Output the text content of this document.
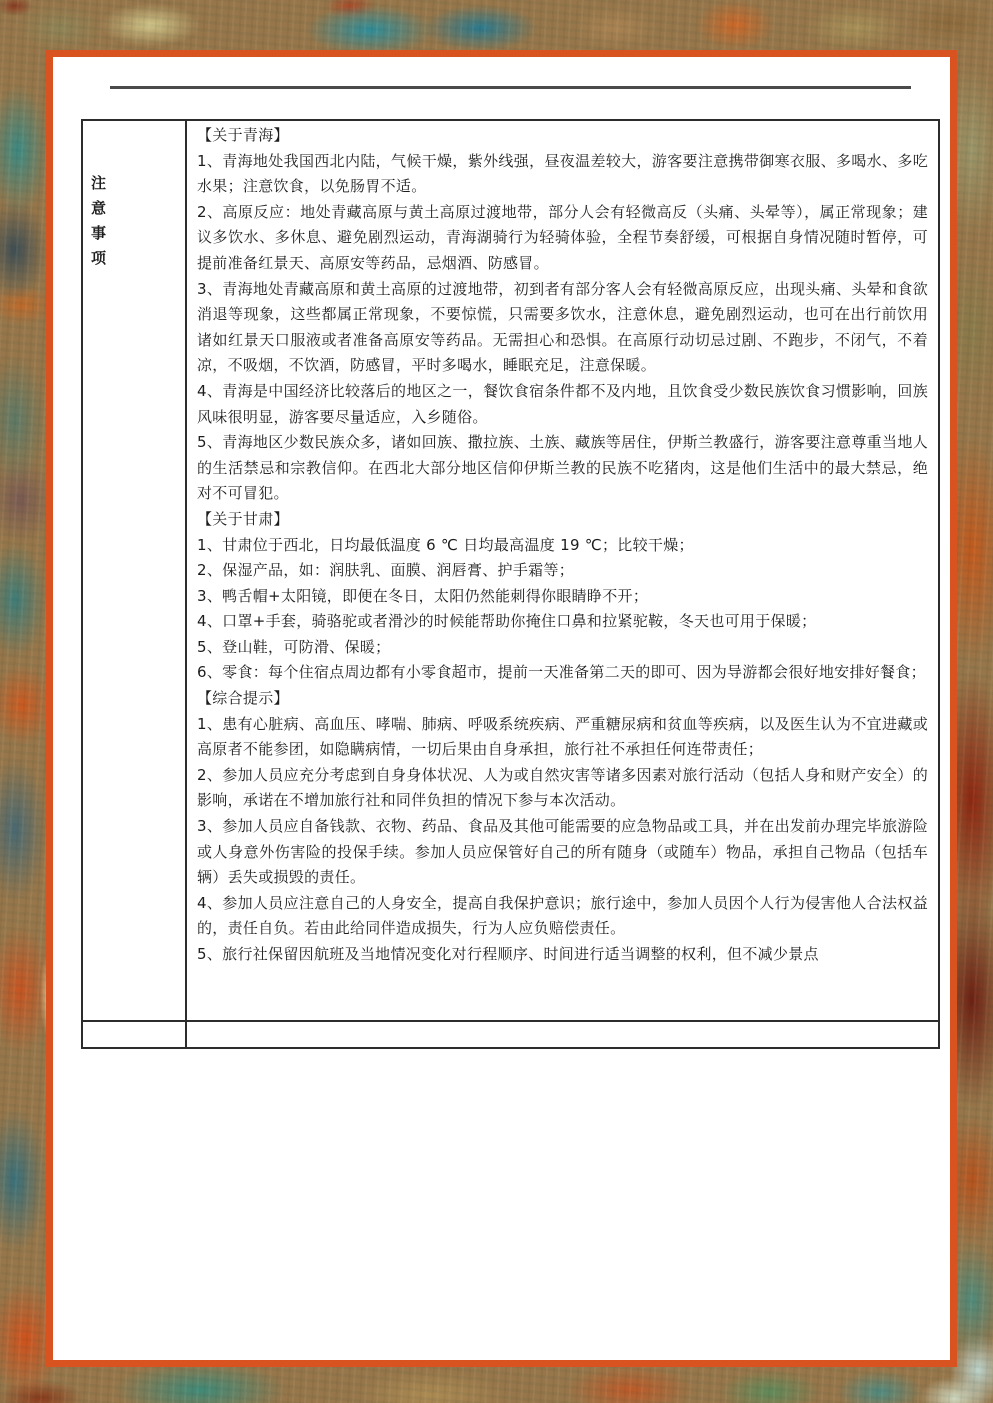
注
意
事
项

【关于青海】

1、青海地处我国西北内陆，气候干燥，紫外线强，昼夜温差较大，游客要注意携带御寒衣服、多喝水、多吃水果；注意饮食，以免肠胃不适。

2、高原反应：地处青藏高原与黄土高原过渡地带，部分人会有轻微高反（头痛、头晕等），属正常现象；建议多饮水、多休息、避免剧烈运动，青海湖骑行为轻骑体验，全程节奏舒缓，可根据自身情况随时暂停，可提前准备红景天、高原安等药品，忌烟酒、防感冒。

3、青海地处青藏高原和黄土高原的过渡地带，初到者有部分客人会有轻微高原反应，出现头痛、头晕和食欲消退等现象，这些都属正常现象，不要惊慌，只需要多饮水，注意休息，避免剧烈运动，也可在出行前饮用诸如红景天口服液或者准备高原安等药品。无需担心和恐惧。在高原行动切忌过剧、不跑步，不闭气，不着凉，不吸烟，不饮酒，防感冒，平时多喝水，睡眠充足，注意保暖。

4、青海是中国经济比较落后的地区之一，餐饮食宿条件都不及内地，且饮食受少数民族饮食习惯影响，回族风味很明显，游客要尽量适应，入乡随俗。

5、青海地区少数民族众多，诸如回族、撒拉族、土族、藏族等居住，伊斯兰教盛行，游客要注意尊重当地人的生活禁忌和宗教信仰。在西北大部分地区信仰伊斯兰教的民族不吃猪肉，这是他们生活中的最大禁忌，绝对不可冒犯。

【关于甘肃】

1、甘肃位于西北，日均最低温度 6 ℃ 日均最高温度 19 ℃；比较干燥；

2、保湿产品，如：润肤乳、面膜、润唇膏、护手霜等；

3、鸭舌帽+太阳镜，即便在冬日，太阳仍然能刺得你眼睛睁不开；

4、口罩+手套，骑骆驼或者滑沙的时候能帮助你掩住口鼻和拉紧驼鞍，冬天也可用于保暖；

5、登山鞋，可防滑、保暖；

6、零食：每个住宿点周边都有小零食超市，提前一天准备第二天的即可、因为导游都会很好地安排好餐食；

【综合提示】

1、患有心脏病、高血压、哮喘、肺病、呼吸系统疾病、严重糖尿病和贫血等疾病，以及医生认为不宜进藏或高原者不能参团，如隐瞒病情，一切后果由自身承担，旅行社不承担任何连带责任；

2、参加人员应充分考虑到自身身体状况、人为或自然灾害等诸多因素对旅行活动（包括人身和财产安全）的影响，承诺在不增加旅行社和同伴负担的情况下参与本次活动。

3、参加人员应自备钱款、衣物、药品、食品及其他可能需要的应急物品或工具，并在出发前办理完毕旅游险或人身意外伤害险的投保手续。参加人员应保管好自己的所有随身（或随车）物品，承担自己物品（包括车辆）丢失或损毁的责任。

4、参加人员应注意自己的人身安全，提高自我保护意识；旅行途中，参加人员因个人行为侵害他人合法权益的，责任自负。若由此给同伴造成损失，行为人应负赔偿责任。

5、旅行社保留因航班及当地情况变化对行程顺序、时间进行适当调整的权利，但不减少景点
